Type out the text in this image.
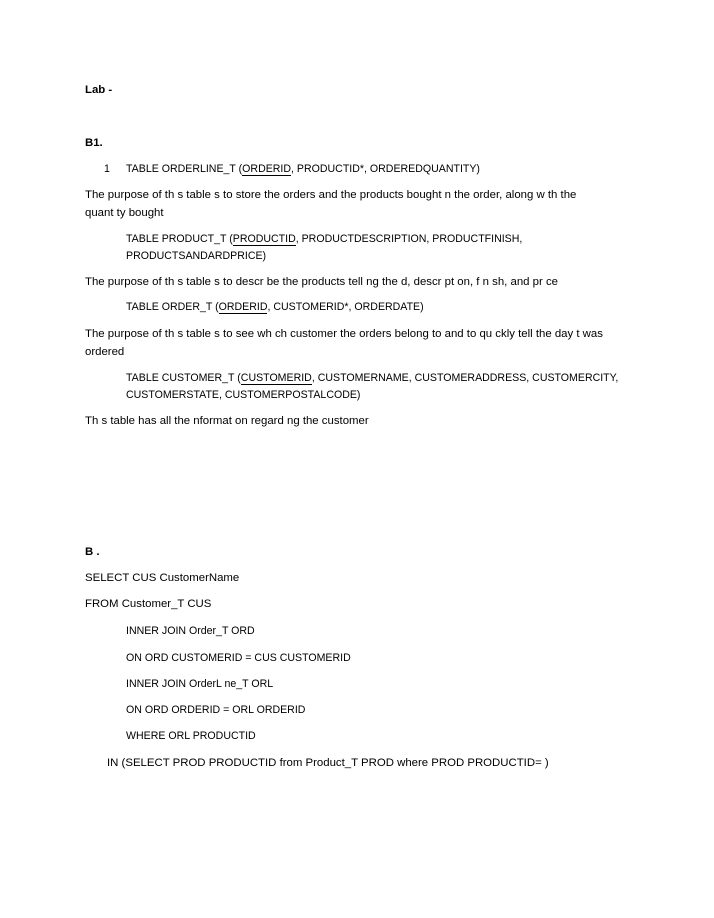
Lab -
B1.
1 TABLE ORDERLINE_T (ORDERID, PRODUCTID*, ORDEREDQUANTITY)
The purpose of th s table s to store the orders and the products bought n the order, along w th the
quant ty bought
TABLE PRODUCT_T (PRODUCTID, PRODUCTDESCRIPTION, PRODUCTFINISH,
PRODUCTSANDARDPRICE)
The purpose of th s table s to descr be the products tell ng the d, descr pt on, f n sh, and pr ce
TABLE ORDER_T (ORDERID, CUSTOMERID*, ORDERDATE)
The purpose of th s table s to see wh ch customer the orders belong to and to qu ckly tell the day t was
ordered
TABLE CUSTOMER_T (CUSTOMERID, CUSTOMERNAME, CUSTOMERADDRESS, CUSTOMERCITY,
CUSTOMERSTATE, CUSTOMERPOSTALCODE)
Th s table has all the nformat on regard ng the customer
B .
SELECT CUS CustomerName
FROM Customer_T CUS
INNER JOIN Order_T ORD
ON ORD CUSTOMERID = CUS CUSTOMERID
INNER JOIN OrderL ne_T ORL
ON ORD ORDERID = ORL ORDERID
WHERE ORL PRODUCTID
IN (SELECT PROD PRODUCTID from Product_T PROD where PROD PRODUCTID= )
